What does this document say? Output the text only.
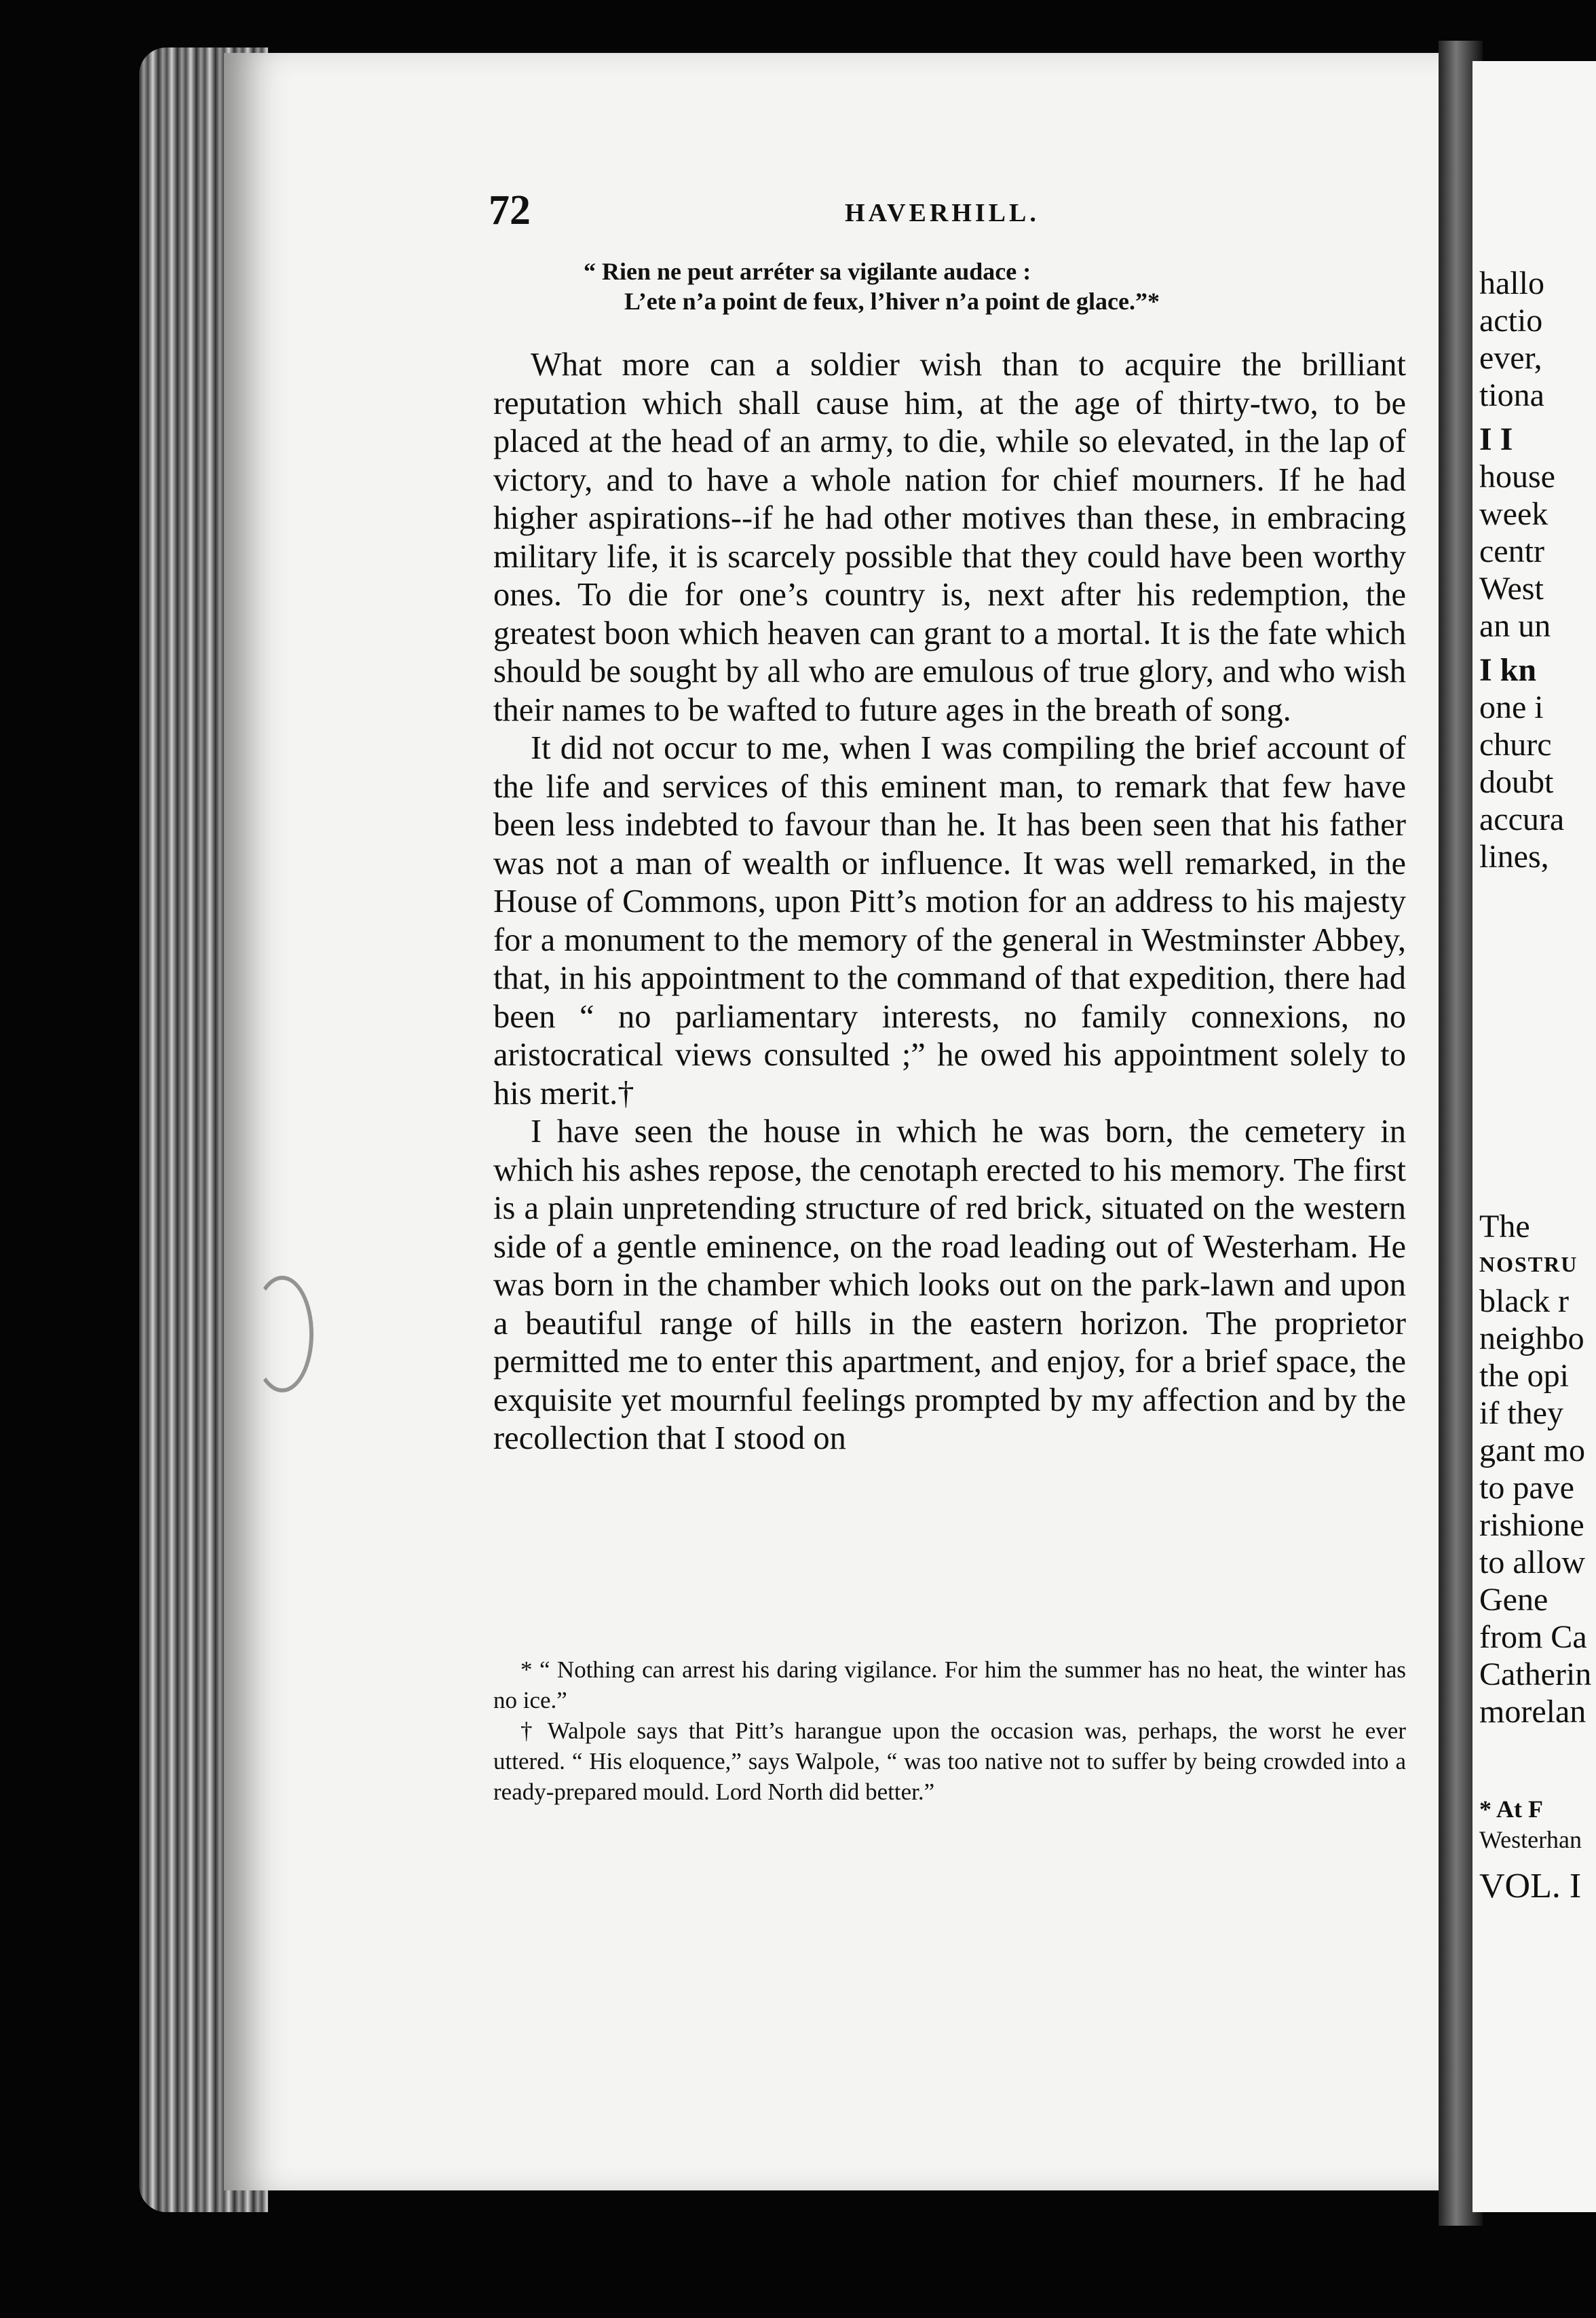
72	HAVERHILL.
“ Rien ne peut arréter sa vigilante audace :
L’ete n’a point de feux, l’hiver n’a point de glace.”*

What more can a soldier wish than to acquire the brilliant reputation which shall cause him, at the age of thirty-two, to be placed at the head of an army, to die, while so elevated, in the lap of victory, and to have a whole nation for chief mourners. If he had higher aspirations--if he had other motives than these, in embracing military life, it is scarcely possible that they could have been worthy ones. To die for one’s country is, next after his redemption, the greatest boon which heaven can grant to a mortal. It is the fate which should be sought by all who are emulous of true glory, and who wish their names to be wafted to future ages in the breath of song.

It did not occur to me, when I was compiling the brief account of the life and services of this eminent man, to remark that few have been less indebted to favour than he. It has been seen that his father was not a man of wealth or influence. It was well remarked, in the House of Commons, upon Pitt’s motion for an address to his majesty for a monument to the memory of the general in Westminster Abbey, that, in his appointment to the command of that expedition, there had been “ no parliamentary interests, no family connexions, no aristocratical views consulted ;” he owed his appointment solely to his merit.†

I have seen the house in which he was born, the cemetery in which his ashes repose, the cenotaph erected to his memory. The first is a plain unpretending structure of red brick, situated on the western side of a gentle eminence, on the road leading out of Westerham. He was born in the chamber which looks out on the park-lawn and upon a beautiful range of hills in the eastern horizon. The proprietor permitted me to enter this apartment, and enjoy, for a brief space, the exquisite yet mournful feelings prompted by my affection and by the recollection that I stood on

* “ Nothing can arrest his daring vigilance. For him the summer has no heat, the winter has no ice.”

† Walpole says that Pitt’s harangue upon the occasion was, perhaps, the worst he ever uttered. “ His eloquence,” says Walpole, “ was too native not to suffer by being crowded into a ready-prepared mould. Lord North did better.”

hallo
actio
ever,
tiona
I I
house
week
centr
West
an un
I kn
one i
churc
doubt
accura
lines,
The
NOSTRU
black r
neighbo
the opi
if they
gant mo
to pave
rishione
to allow
Gene
from Ca
Catherin
morelan
* At F
Westerhan
VOL. I
